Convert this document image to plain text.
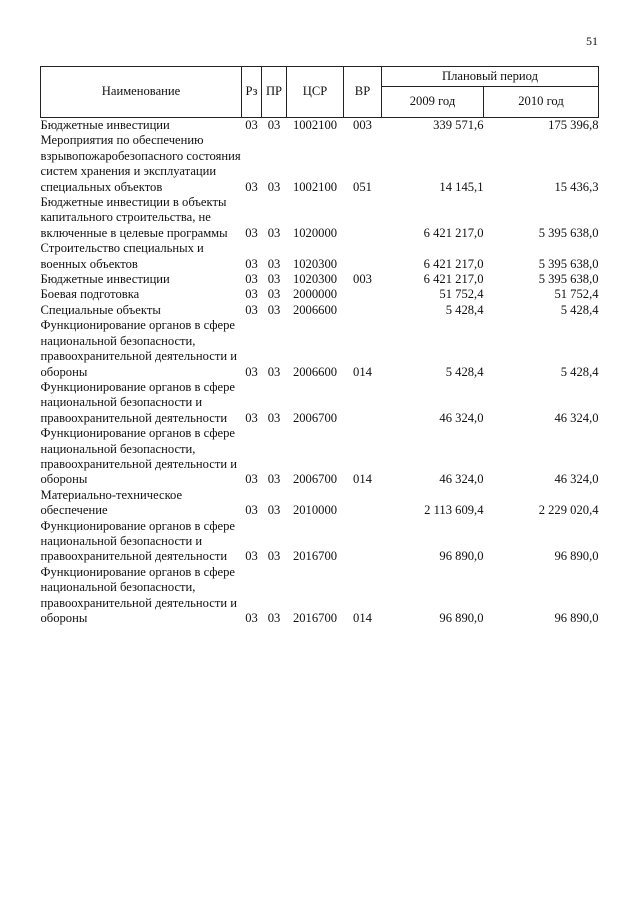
51
Наименование	Рз	ПР	ЦСР	ВР	Плановый период	
					2009 год	2010 год
Бюджетные инвестиции	03	03	1002100	003	339 571,6	175 396,8
Мероприятия по обеспечению взрывопожаробезопасного состояния систем хранения и эксплуатации специальных объектов	03	03	1002100	051	14 145,1	15 436,3
Бюджетные инвестиции в объекты капитального строительства, не включенные в целевые программы	03	03	1020000		6 421 217,0	5 395 638,0
Строительство специальных и военных объектов	03	03	1020300		6 421 217,0	5 395 638,0
Бюджетные инвестиции	03	03	1020300	003	6 421 217,0	5 395 638,0
Боевая подготовка	03	03	2000000		51 752,4	51 752,4
Специальные объекты	03	03	2006600		5 428,4	5 428,4
Функционирование органов в сфере национальной безопасности, правоохранительной деятельности и обороны	03	03	2006600	014	5 428,4	5 428,4
Функционирование органов в сфере национальной безопасности и правоохранительной деятельности	03	03	2006700		46 324,0	46 324,0
Функционирование органов в сфере национальной безопасности, правоохранительной деятельности и обороны	03	03	2006700	014	46 324,0	46 324,0
Материально-техническое обеспечение	03	03	2010000		2 113 609,4	2 229 020,4
Функционирование органов в сфере национальной безопасности и правоохранительной деятельности	03	03	2016700		96 890,0	96 890,0
Функционирование органов в сфере национальной безопасности, правоохранительной деятельности и обороны	03	03	2016700	014	96 890,0	96 890,0
